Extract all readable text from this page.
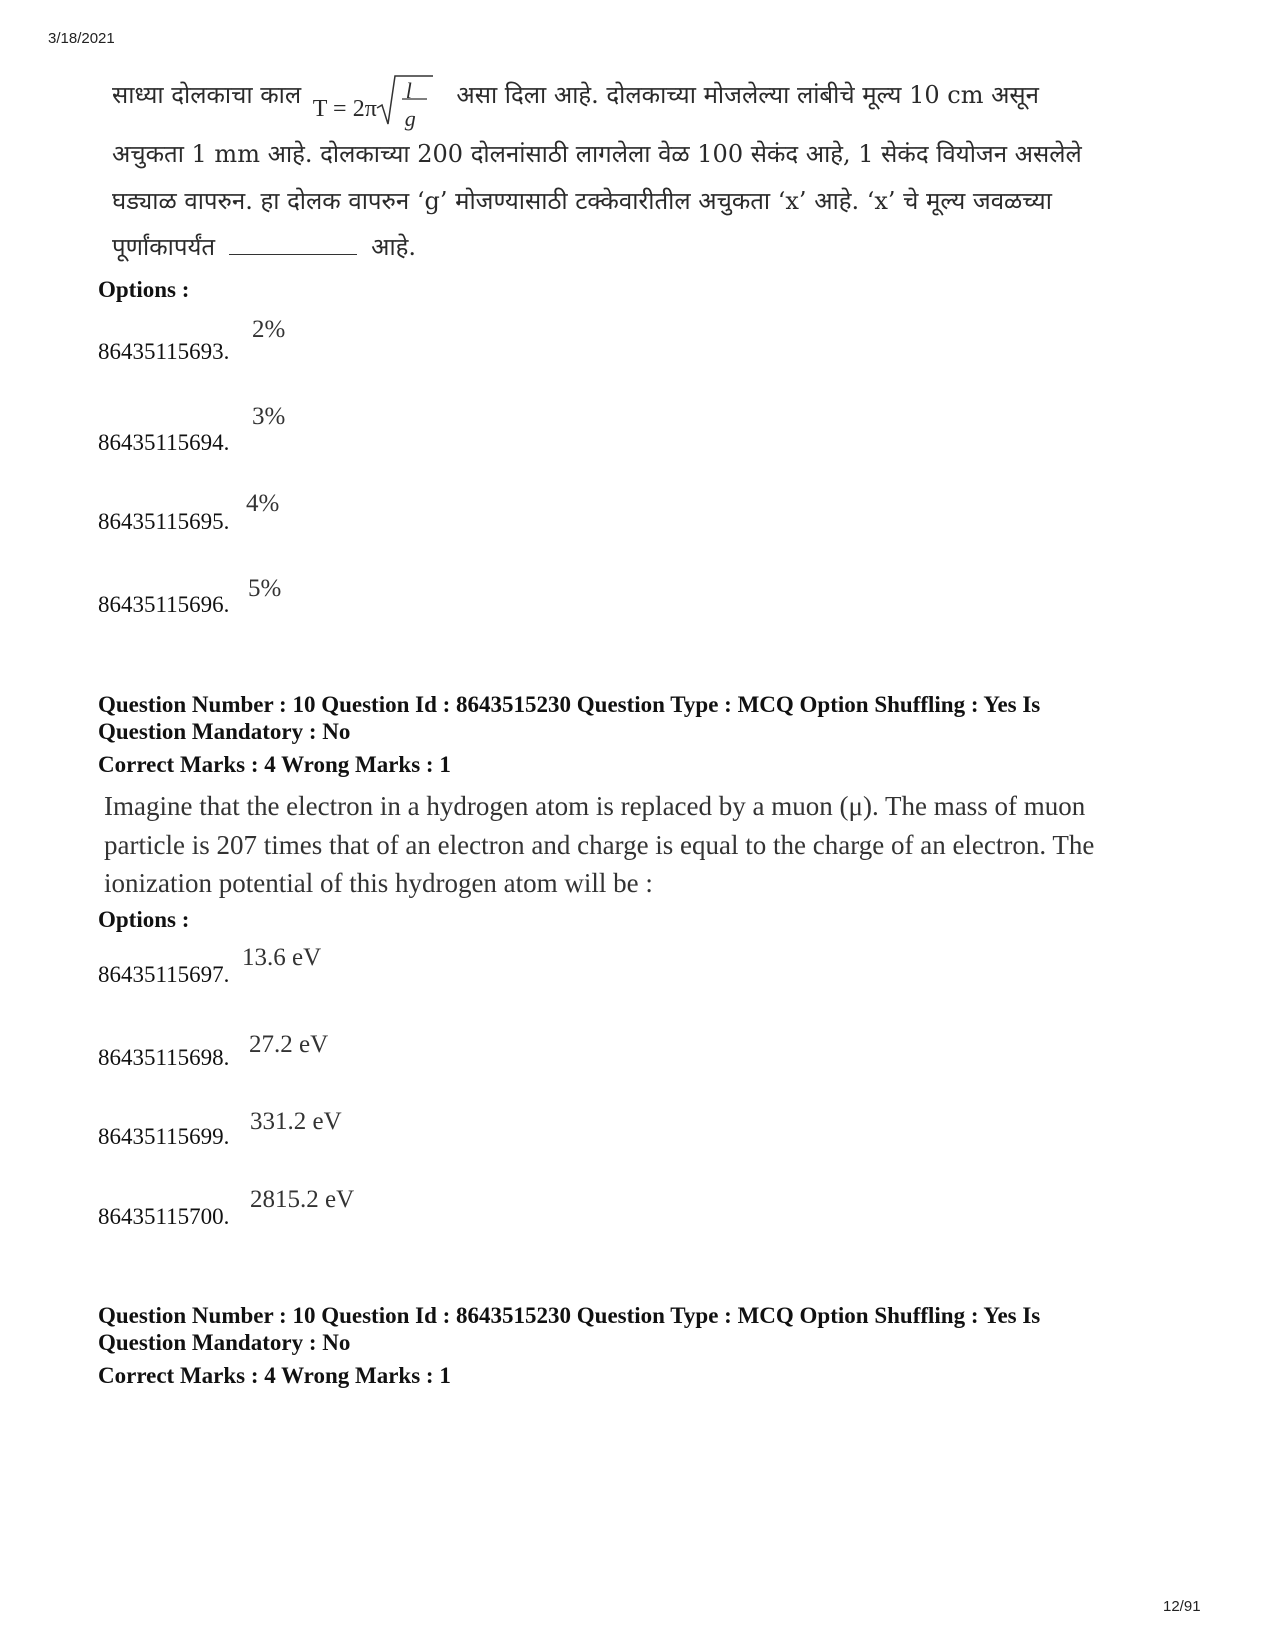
3/18/2021
12/91
साध्या दोलकाचा काल T = 2π
l
g
असा दिला आहे. दोलकाच्या मोजलेल्या लांबीचे मूल्य 10 cm असून
अचुकता 1 mm आहे. दोलकाच्या 200 दोलनांसाठी लागलेला वेळ 100 सेकंद आहे, 1 सेकंद वियोजन असलेले
घड्याळ वापरुन. हा दोलक वापरुन ‘g’ मोजण्यासाठी टक्केवारीतील अचुकता ‘x’ आहे. ‘x’ चे मूल्य जवळच्या
पूर्णांकापर्यंत	आहे.
Options :
86435115693.
2%
86435115694.
3%
86435115695.
4%
86435115696.
5%
Question Number : 10 Question Id : 8643515230 Question Type : MCQ Option Shuffling : Yes Is
Question Mandatory : No
Correct Marks : 4 Wrong Marks : 1
Imagine that the electron in a hydrogen atom is replaced by a muon (μ). The mass of muon
particle is 207 times that of an electron and charge is equal to the charge of an electron. The
ionization potential of this hydrogen atom will be :
Options :
86435115697.
13.6 eV
86435115698. 27.2 eV
86435115699.
331.2 eV
86435115700.
2815.2 eV
Question Number : 10 Question Id : 8643515230 Question Type : MCQ Option Shuffling : Yes Is
Question Mandatory : No
Correct Marks : 4 Wrong Marks : 1
